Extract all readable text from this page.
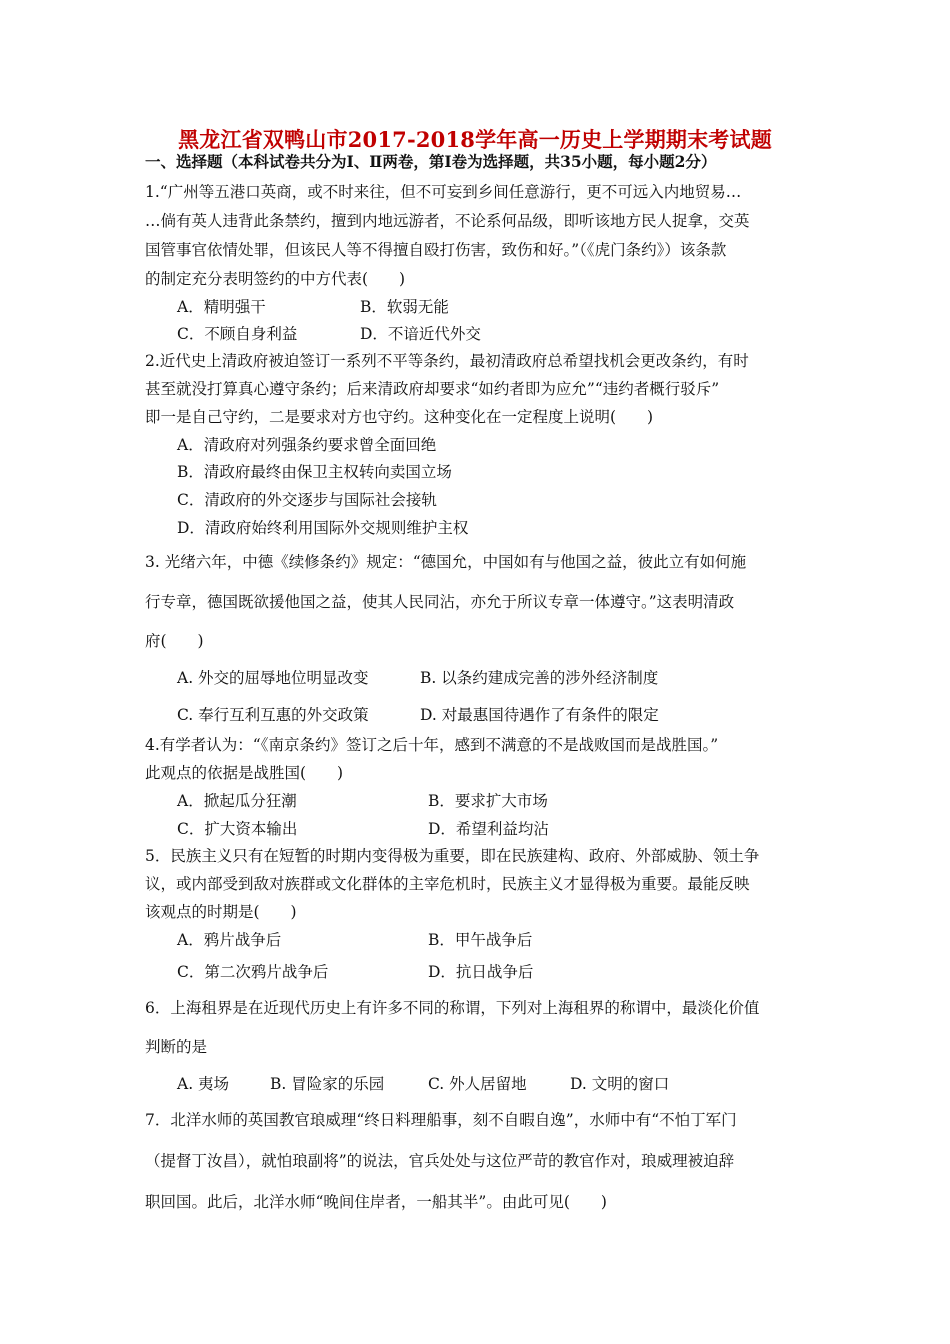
黑龙江省双鸭山市2017-2018学年高一历史上学期期末考试题
一、选择题（本科试卷共分为Ⅰ、Ⅱ两卷，第Ⅰ卷为选择题，共35小题，每小题2分）
1.“广州等五港口英商，或不时来往，但不可妄到乡间任意游行，更不可远入内地贸易…
…倘有英人违背此条禁约，擅到内地远游者，不论系何品级，即听该地方民人捉拿，交英
国管事官依情处罪，但该民人等不得擅自殴打伤害，致伤和好。”（《虎门条约》）该条款
的制定充分表明签约的中方代表(　　)
A．精明强干	B．软弱无能
C．不顾自身利益	D．不谙近代外交
2.近代史上清政府被迫签订一系列不平等条约，最初清政府总希望找机会更改条约，有时
甚至就没打算真心遵守条约；后来清政府却要求“如约者即为应允”“违约者概行驳斥”
即一是自己守约，二是要求对方也守约。这种变化在一定程度上说明(　　)
A．清政府对列强条约要求曾全面回绝
B．清政府最终由保卫主权转向卖国立场
C．清政府的外交逐步与国际社会接轨
D．清政府始终利用国际外交规则维护主权
3. 光绪六年，中德《续修条约》规定：“德国允，中国如有与他国之益，彼此立有如何施
行专章，德国既欲援他国之益，使其人民同沾，亦允于所议专章一体遵守。”这表明清政
府(　　)
A. 外交的屈辱地位明显改变	B. 以条约建成完善的涉外经济制度
C. 奉行互利互惠的外交政策	D. 对最惠国待遇作了有条件的限定
4.有学者认为：“《南京条约》签订之后十年，感到不满意的不是战败国而是战胜国。”
此观点的依据是战胜国(　　)
A．掀起瓜分狂潮	B．要求扩大市场
C．扩大资本输出	D．希望利益均沾
5．民族主义只有在短暂的时期内变得极为重要，即在民族建构、政府、外部威胁、领土争
议，或内部受到敌对族群或文化群体的主宰危机时，民族主义才显得极为重要。最能反映
该观点的时期是(　　)
A．鸦片战争后	B．甲午战争后
C．第二次鸦片战争后	D．抗日战争后
6．上海租界是在近现代历史上有许多不同的称谓，下列对上海租界的称谓中，最淡化价值
判断的是
A. 夷场	B. 冒险家的乐园	C. 外人居留地	D. 文明的窗口
7．北洋水师的英国教官琅威理“终日料理船事，刻不自暇自逸”，水师中有“不怕丁军门
（提督丁汝昌），就怕琅副将”的说法，官兵处处与这位严苛的教官作对，琅威理被迫辞
职回国。此后，北洋水师“晚间住岸者，一船其半”。由此可见(　　)
